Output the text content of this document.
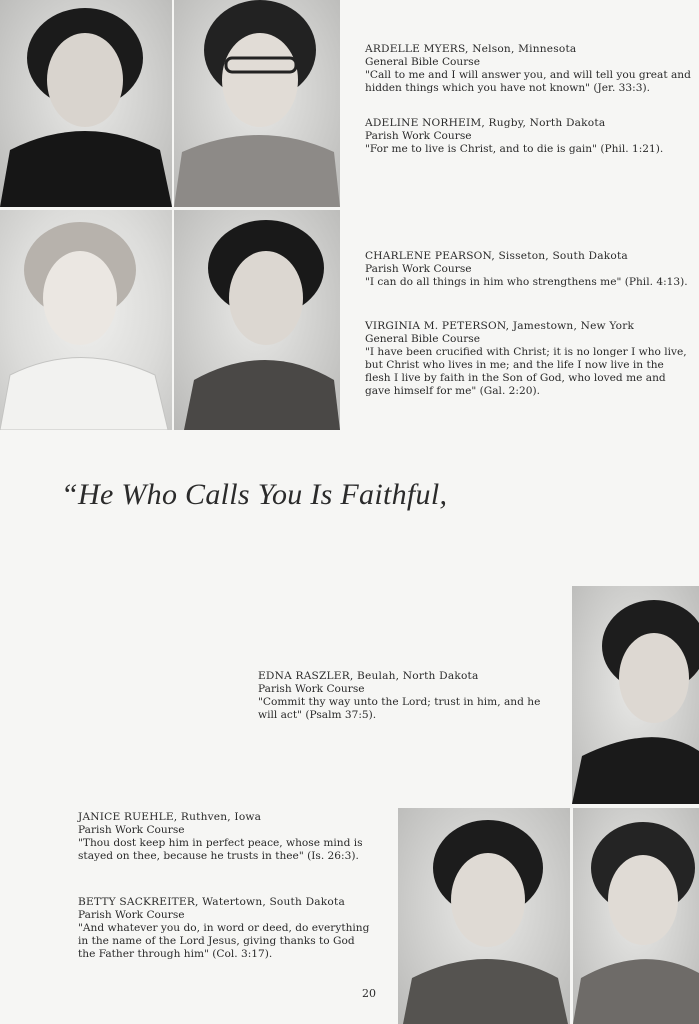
ARDELLE MYERS, Nelson, Minnesota
General Bible Course
"Call to me and I will answer you, and will tell you great and hidden things which you have not known" (Jer. 33:3).
ADELINE NORHEIM, Rugby, North Dakota
Parish Work Course
"For me to live is Christ, and to die is gain" (Phil. 1:21).
CHARLENE PEARSON, Sisseton, South Dakota
Parish Work Course
"I can do all things in him who strengthens me" (Phil. 4:13).
VIRGINIA M. PETERSON, Jamestown, New York
General Bible Course
"I have been crucified with Christ; it is no longer I who live, but Christ who lives in me; and the life I now live in the flesh I live by faith in the Son of God, who loved me and gave himself for me" (Gal. 2:20).
“He Who Calls You Is Faithful,
EDNA RASZLER, Beulah, North Dakota
Parish Work Course
"Commit thy way unto the Lord; trust in him, and he will act" (Psalm 37:5).
JANICE RUEHLE, Ruthven, Iowa
Parish Work Course
"Thou dost keep him in perfect peace, whose mind is stayed on thee, because he trusts in thee" (Is. 26:3).
BETTY SACKREITER, Watertown, South Dakota
Parish Work Course
"And whatever you do, in word or deed, do everything in the name of the Lord Jesus, giving thanks to God the Father through him" (Col. 3:17).
20
